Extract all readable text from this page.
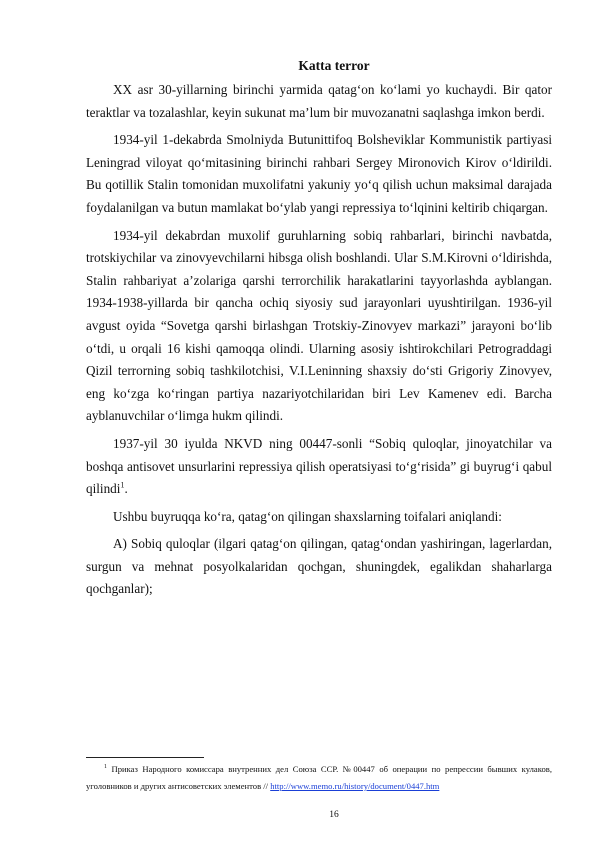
Katta terror

XX asr 30-yillarning birinchi yarmida qatag‘on ko‘lami yo kuchaydi. Bir qator teraktlar va tozalashlar, keyin sukunat ma’lum bir muvozanatni saqlashga imkon berdi.

1934-yil 1-dekabrda Smolniyda Butunittifoq Bolsheviklar Kommunistik partiyasi Leningrad viloyat qo‘mitasining birinchi rahbari Sergey Mironovich Kirov o‘ldirildi. Bu qotillik Stalin tomonidan muxolifatni yakuniy yo‘q qilish uchun maksimal darajada foydalanilgan va butun mamlakat bo‘ylab yangi repressiya to‘lqinini keltirib chiqargan.

1934-yil dekabrdan muxolif guruhlarning sobiq rahbarlari, birinchi navbatda, trotskiychilar va zinovyevchilarni hibsga olish boshlandi. Ular S.M.Kirovni o‘ldirishda, Stalin rahbariyat a’zolariga qarshi terrorchilik harakatlarini tayyorlashda ayblangan. 1934-1938-yillarda bir qancha ochiq siyosiy sud jarayonlari uyushtirilgan. 1936-yil avgust oyida “Sovetga qarshi birlashgan Trotskiy-Zinovyev markazi” jarayoni bo‘lib o‘tdi, u orqali 16 kishi qamoqqa olindi. Ularning asosiy ishtirokchilari Petrograddagi Qizil terrorning sobiq tashkilotchisi, V.I.Leninning shaxsiy do‘sti Grigoriy Zinovyev, eng ko‘zga ko‘ringan partiya nazariyotchilaridan biri Lev Kamenev edi. Barcha ayblanuvchilar o‘limga hukm qilindi.

1937-yil 30 iyulda NKVD ning 00447-sonli “Sobiq quloqlar, jinoyatchilar va boshqa antisovet unsurlarini repressiya qilish operatsiyasi to‘g‘risida” gi buyrug‘i qabul qilindi$^1$.

Ushbu buyruqqa ko‘ra, qatag‘on qilingan shaxslarning toifalari aniqlandi:

A) Sobiq quloqlar (ilgari qatag‘on qilingan, qatag‘ondan yashiringan, lagerlardan, surgun va mehnat posyolkalaridan qochgan, shuningdek, egalikdan shaharlarga qochganlar);

$^1$ Приказ Народного комиссара внутренних дел Союза ССР. №00447 об операции по репрессии бывших кулаков, уголовников и других антисоветских элементов // http://www.memo.ru/history/document/0447.htm

16
